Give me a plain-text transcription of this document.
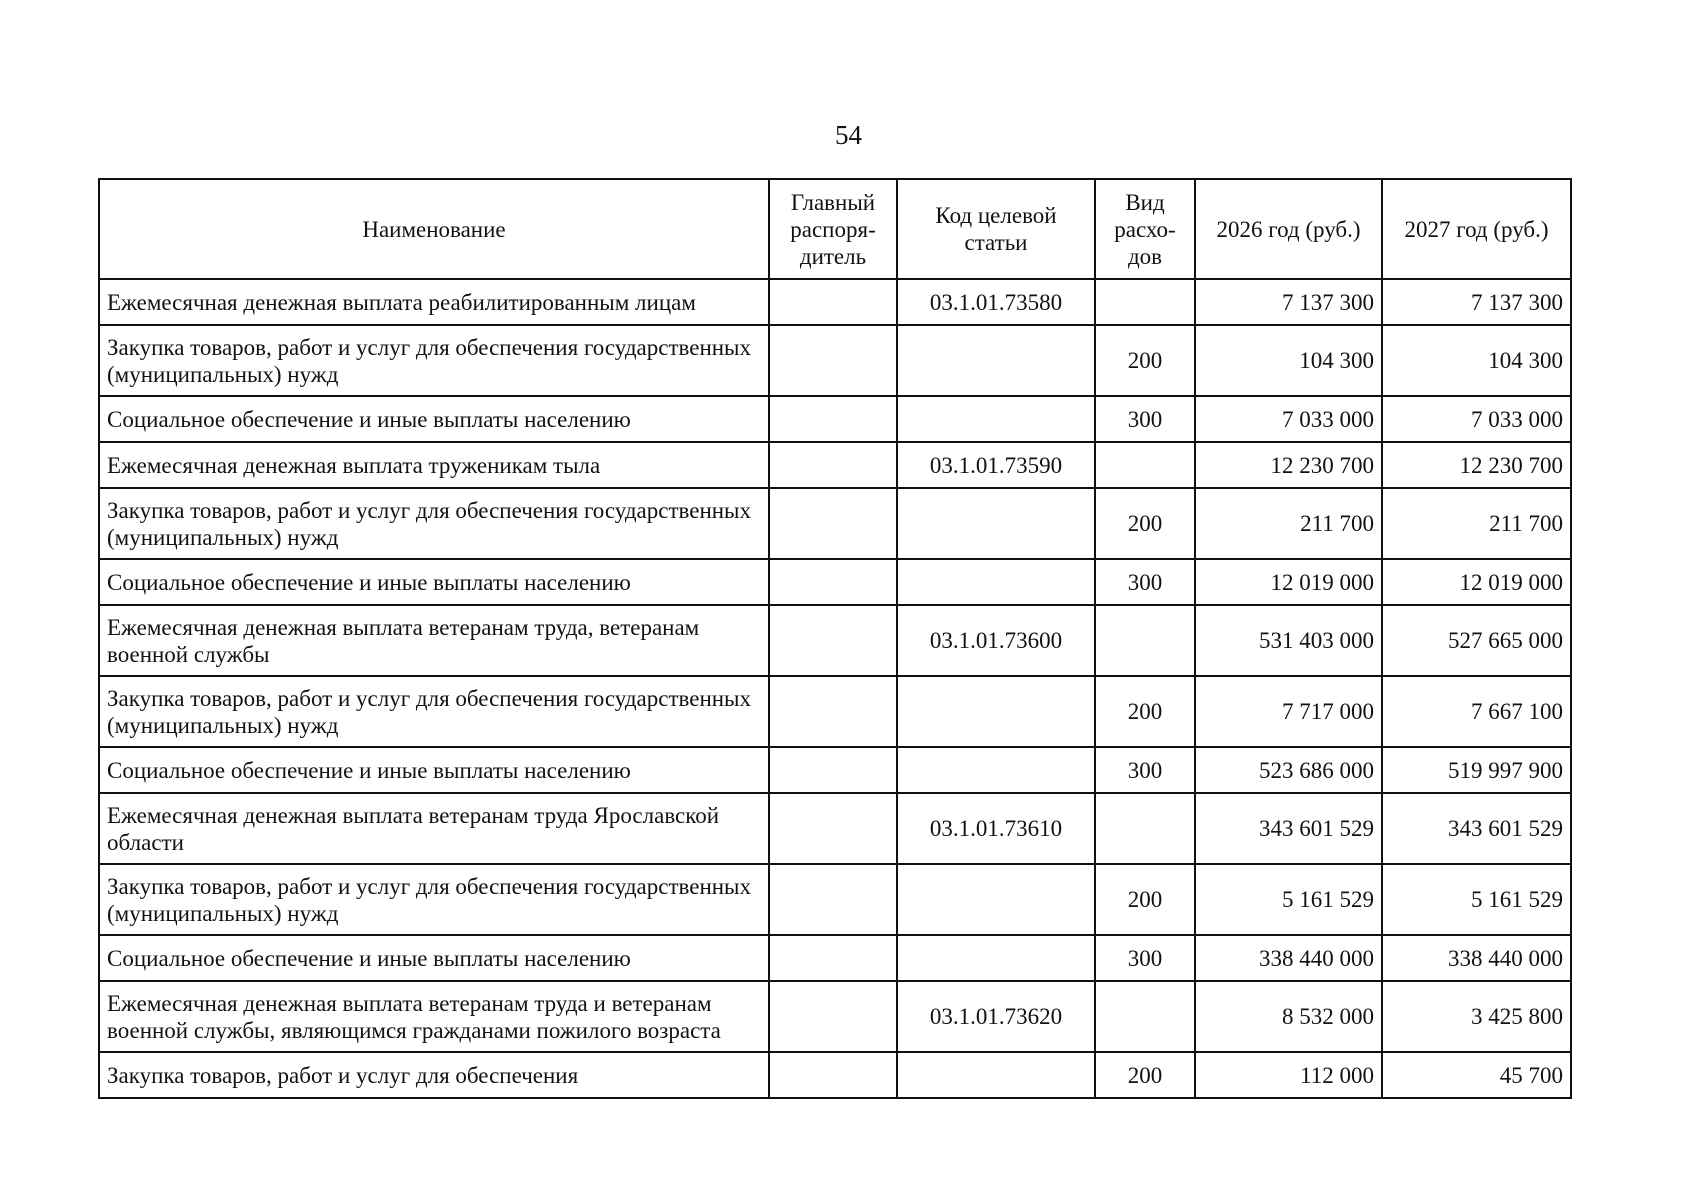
54
Наименование	Главный распоря-дитель	Код целевой статьи	Вид расхо-дов	2026 год (руб.)	2027 год (руб.)
Ежемесячная денежная выплата реабилитированным лицам		03.1.01.73580		7 137 300	7 137 300
Закупка товаров, работ и услуг для обеспечения государственных (муниципальных) нужд			200	104 300	104 300
Социальное обеспечение и иные выплаты населению			300	7 033 000	7 033 000
Ежемесячная денежная выплата труженикам тыла		03.1.01.73590		12 230 700	12 230 700
Закупка товаров, работ и услуг для обеспечения государственных (муниципальных) нужд			200	211 700	211 700
Социальное обеспечение и иные выплаты населению			300	12 019 000	12 019 000
Ежемесячная денежная выплата ветеранам труда, ветеранам военной службы		03.1.01.73600		531 403 000	527 665 000
Закупка товаров, работ и услуг для обеспечения государственных (муниципальных) нужд			200	7 717 000	7 667 100
Социальное обеспечение и иные выплаты населению			300	523 686 000	519 997 900
Ежемесячная денежная выплата ветеранам труда Ярославской области		03.1.01.73610		343 601 529	343 601 529
Закупка товаров, работ и услуг для обеспечения государственных (муниципальных) нужд			200	5 161 529	5 161 529
Социальное обеспечение и иные выплаты населению			300	338 440 000	338 440 000
Ежемесячная денежная выплата ветеранам труда и ветеранам военной службы, являющимся гражданами пожилого возраста		03.1.01.73620		8 532 000	3 425 800
Закупка товаров, работ и услуг для обеспечения			200	112 000	45 700
